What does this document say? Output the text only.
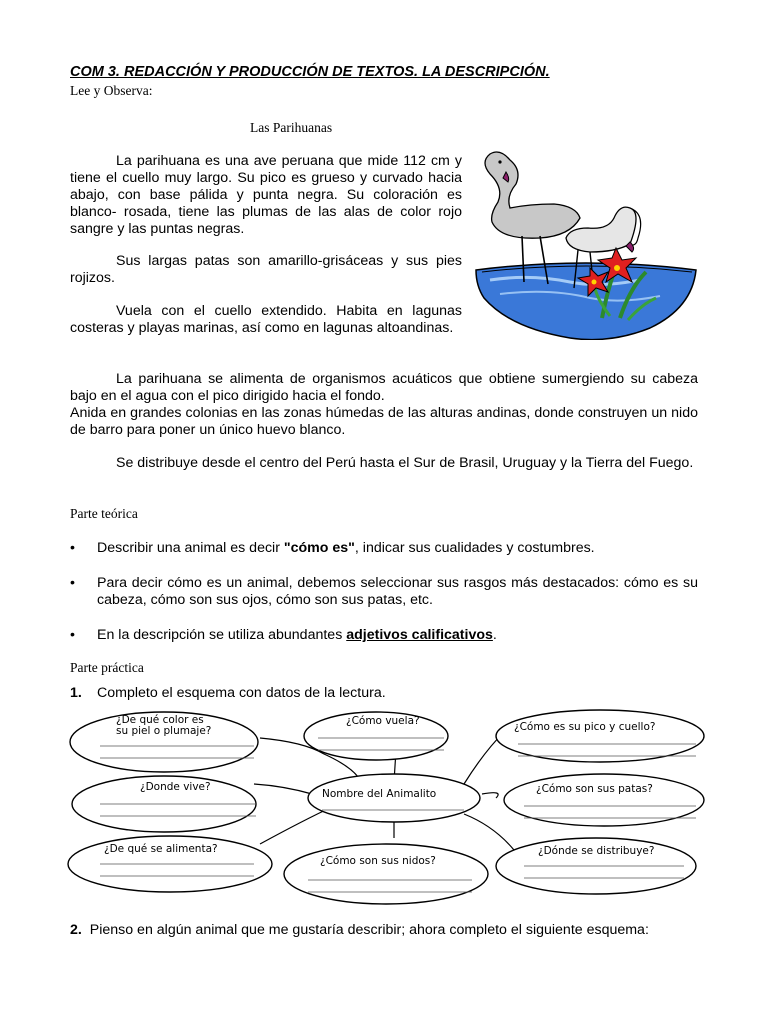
COM 3. REDACCIÓN Y PRODUCCIÓN DE TEXTOS. LA DESCRIPCIÓN.
Lee y Observa:
Las Parihuanas

La parihuana es una ave peruana que mide 112 cm y tiene el cuello muy largo. Su pico es grueso y curvado hacia abajo, con base pálida y punta negra. Su coloración es blanco- rosada, tiene las plumas de las alas de color rojo sangre y las puntas negras.

Sus largas patas son amarillo-grisáceas y sus pies rojizos.

Vuela con el cuello extendido. Habita en lagunas costeras y playas marinas, así como en lagunas altoandinas.

La parihuana se alimenta de organismos acuáticos que obtiene sumergiendo su cabeza bajo en el agua con el pico dirigido hacia el fondo.

Anida en grandes colonias en las zonas húmedas de las alturas andinas, donde construyen un nido de barro para poner un único huevo blanco.

Se distribuye desde el centro del Perú hasta el Sur de Brasil, Uruguay y la Tierra del Fuego.

Parte teórica
• Describir una animal es decir "cómo es", indicar sus cualidades y costumbres.
• Para decir cómo es un animal, debemos seleccionar sus rasgos más destacados: cómo es su cabeza, cómo son sus ojos, cómo son sus patas, etc.
• En la descripción se utiliza abundantes adjetivos calificativos.
Parte práctica
1. Completo el esquema con datos de la lectura.
¿De qué color es
su piel o plumaje?
¿Cómo vuela?	¿Cómo es su pico y cuello?
¿Donde vive?
Nombre del Animalito	¿Cómo son sus patas?
¿De qué se alimenta?
¿Cómo son sus nidos?
¿Dónde se distribuye?
2. Pienso en algún animal que me gustaría describir; ahora completo el siguiente esquema:
